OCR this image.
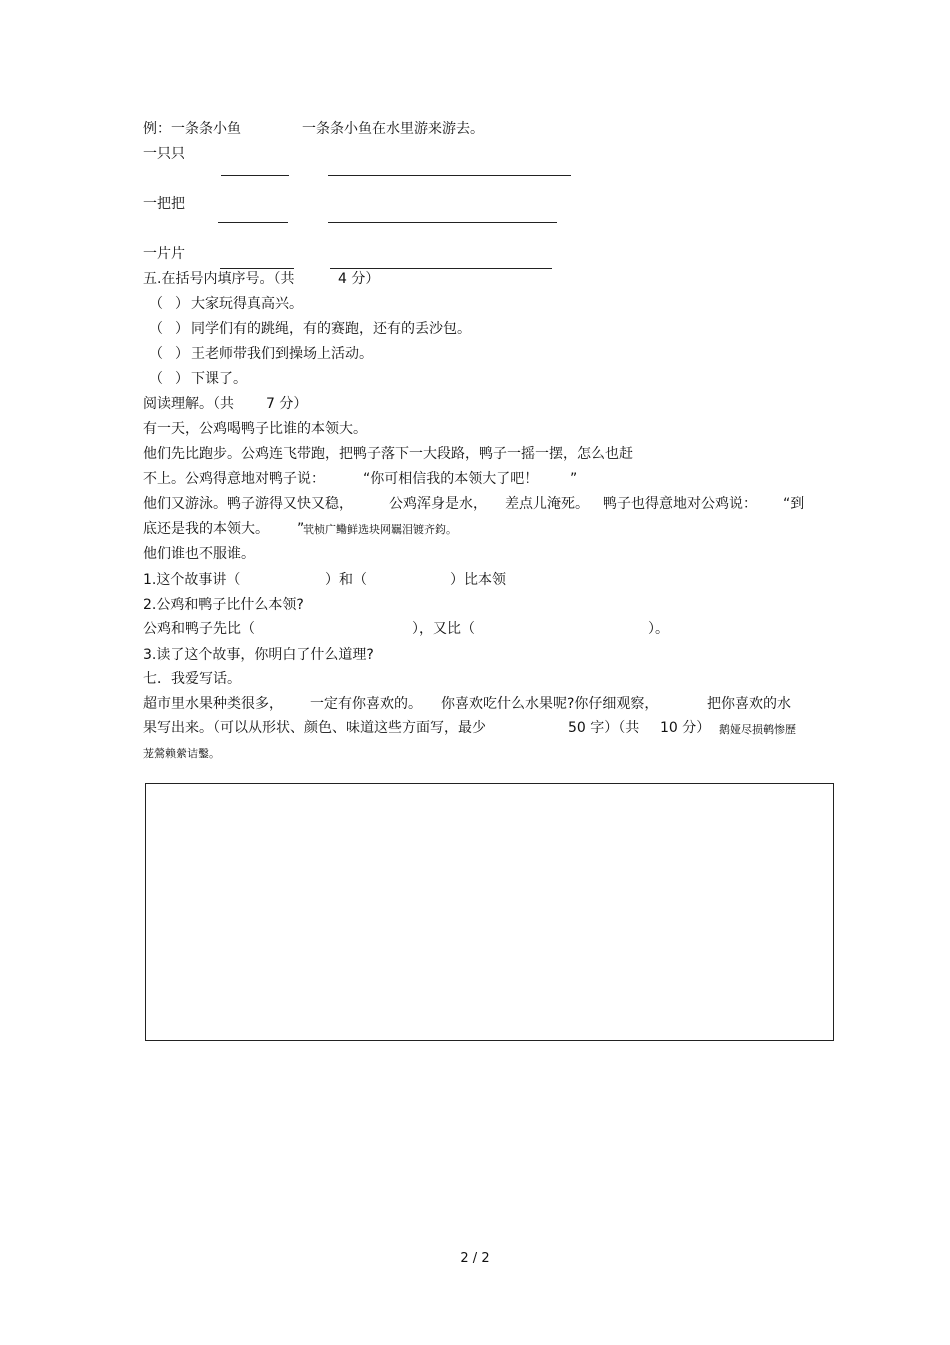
例：一条条小鱼	一条条小鱼在水里游来游去。
一只只
一把把
一片片
五.在括号内填序号。（共	4 分）
（ ） 大家玩得真高兴。
（ ） 同学们有的跳绳，有的赛跑，还有的丢沙包。
（ ） 王老师带我们到操场上活动。
（ ） 下课了。
阅读理解。（共 7 分）
有一天，公鸡喝鸭子比谁的本领大。
他们先比跑步。公鸡连飞带跑，把鸭子落下一大段路，鸭子一摇一摆，怎么也赶
不上。公鸡得意地对鸭子说：	“你可相信我的本领大了吧！ ”
他们又游泳。鸭子游得又快又稳，	公鸡浑身是水， 差点儿淹死。 鸭子也得意地对公鸡说： “到
底还是我的本领大。 ”
茕桢广鳓鲜选块网羈泪镀齐鈞。
他们谁也不服谁。
1.这个故事讲（	）和（	）比本领
2.公鸡和鸭子比什么本领?
公鸡和鸭子先比（	），又比（	）。
3.读了这个故事，你明白了什么道理?
七．我爱写话。
超市里水果种类很多， 一定有你喜欢的。 你喜欢吃什么水果呢?你仔细观察，	把你喜欢的水
果写出来。（可以从形状、颜色、味道这些方面写，最少	50 字）（共 10 分） 鹅娅尽损鹌惨歷
茏鶯赖縈诘鑿。
2 / 2
